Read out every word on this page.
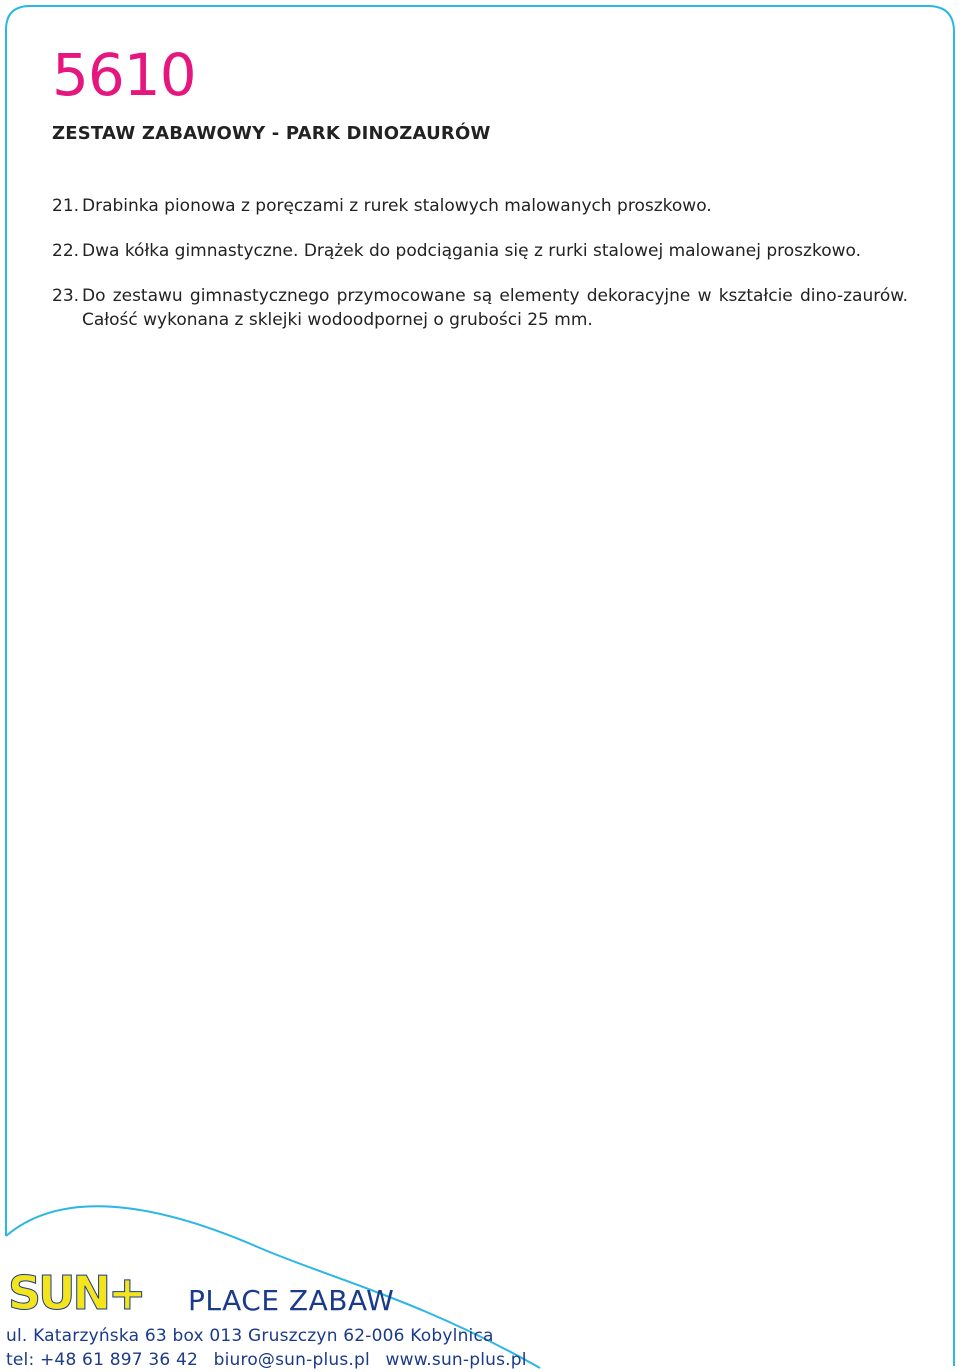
5610
ZESTAW ZABAWOWY - PARK DINOZAURÓW
21. Drabinka pionowa z poręczami z rurek stalowych malowanych proszkowo.
22. Dwa kółka gimnastyczne. Drążek do podciągania się z rurki stalowej malowanej proszkowo.
23. Do zestawu gimnastycznego przymocowane są elementy dekoracyjne w kształcie dino-zaurów. Całość wykonana z sklejki wodoodpornej o grubości 25 mm.
SUN+ PLACE ZABAW

ul. Katarzyńska 63 box 013 Gruszczyn 62-006 Kobylnica

tel: +48 61 897 36 42 biuro@sun-plus.pl www.sun-plus.pl
